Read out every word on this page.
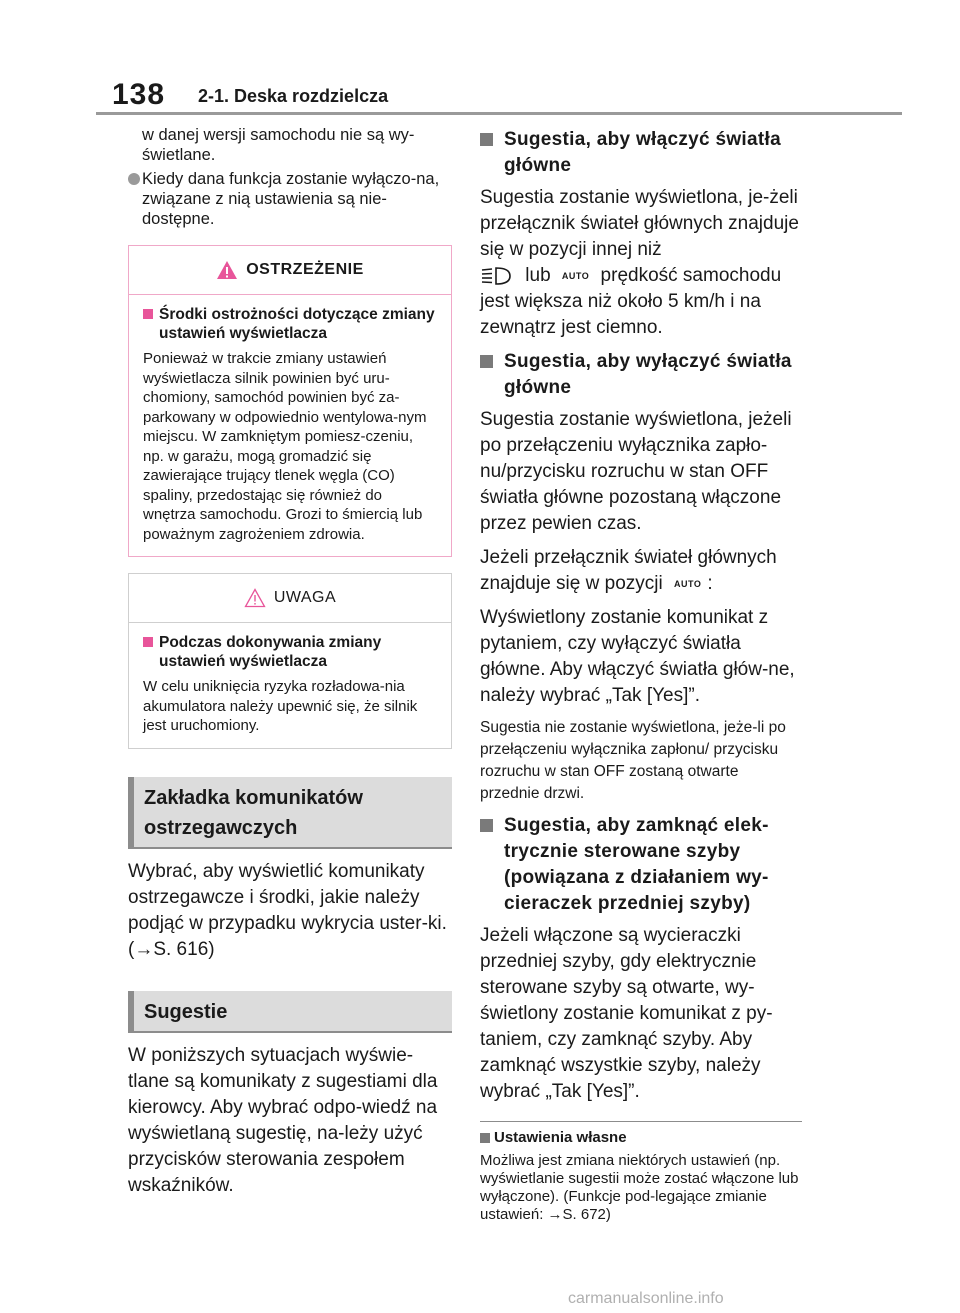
138 2-1. Deska rozdzielcza

w danej wersji samochodu nie są wy-świetlane.

Kiedy dana funkcja zostanie wyłączo-na, związane z nią ustawienia są nie-dostępne.

OSTRZEŻENIE

Środki ostrożności dotyczące zmiany ustawień wyświetlacza

Ponieważ w trakcie zmiany ustawień wyświetlacza silnik powinien być uru-chomiony, samochód powinien być za-parkowany w odpowiednio wentylowa-nym miejscu. W zamkniętym pomiesz-czeniu, np. w garażu, mogą gromadzić się zawierające trujący tlenek węgla (CO) spaliny, przedostając się również do wnętrza samochodu. Grozi to śmiercią lub poważnym zagrożeniem zdrowia.

UWAGA

Podczas dokonywania zmiany ustawień wyświetlacza

W celu uniknięcia ryzyka rozładowa-nia akumulatora należy upewnić się, że silnik jest uruchomiony.

Zakładka komunikatów ostrzegawczych

Wybrać, aby wyświetlić komunikaty ostrzegawcze i środki, jakie należy podjąć w przypadku wykrycia uster-ki. (→S. 616)

Sugestie

W poniższych sytuacjach wyświe-tlane są komunikaty z sugestiami dla kierowcy. Aby wybrać odpo-wiedź na wyświetlaną sugestię, na-leży użyć przycisków sterowania zespołem wskaźników.

Sugestia, aby włączyć światła główne

Sugestia zostanie wyświetlona, je-żeli przełącznik świateł głównych znajduje się w pozycji innej niż
lub AUTO prędkość samochodu jest większa niż około 5 km/h i na zewnątrz jest ciemno.

Sugestia, aby wyłączyć światła główne

Sugestia zostanie wyświetlona, jeżeli po przełączeniu wyłącznika zapło-nu/przycisku rozruchu w stan OFF światła główne pozostaną włączone przez pewien czas.

Jeżeli przełącznik świateł głównych znajduje się w pozycji AUTO :

Wyświetlony zostanie komunikat z pytaniem, czy wyłączyć światła główne. Aby włączyć światła głów-ne, należy wybrać „Tak [Yes]”.

Sugestia nie zostanie wyświetlona, jeże-li po przełączeniu wyłącznika zapłonu/ przycisku rozruchu w stan OFF zostaną otwarte przednie drzwi.

Sugestia, aby zamknąć elek-trycznie sterowane szyby (powiązana z działaniem wy-cieraczek przedniej szyby)

Jeżeli włączone są wycieraczki przedniej szyby, gdy elektrycznie sterowane szyby są otwarte, wy-świetlony zostanie komunikat z py-taniem, czy zamknąć szyby. Aby zamknąć wszystkie szyby, należy wybrać „Tak [Yes]”.

Ustawienia własne

Możliwa jest zmiana niektórych ustawień (np. wyświetlanie sugestii może zostać włączone lub wyłączone). (Funkcje pod-legające zmianie ustawień: →S. 672)

carmanualsonline.info
